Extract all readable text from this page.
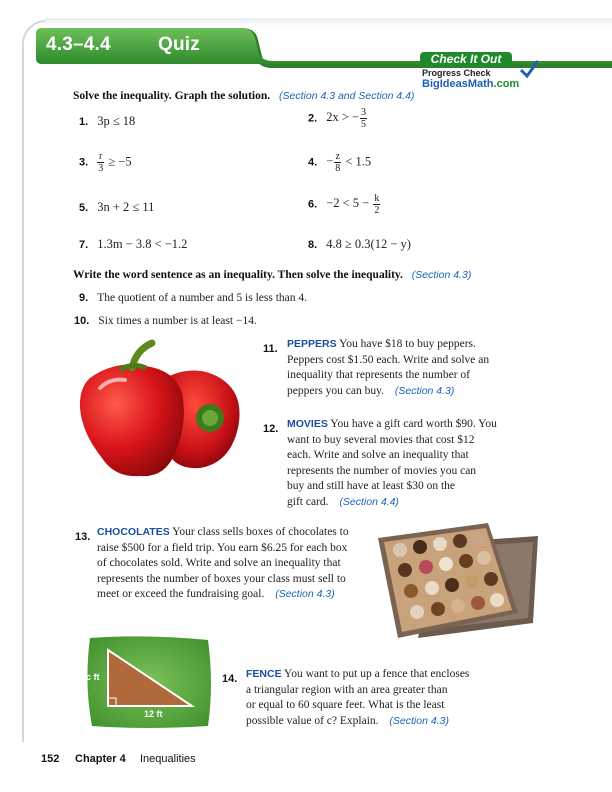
4.3–4.4 Quiz
Check It Out
Progress Check
BigIdeasMath.com
Solve the inequality. Graph the solution. (Section 4.3 and Section 4.4)
1. 3p ≤ 18	2. 2x > − $\frac{3}{5}$
3. $\frac{r}{3} \ge -5$	4. − $\frac{z}{8} < 1.5$
5. 3n + 2 ≤ 11	6. $-2 < 5 - \frac{k}{2}$
7. 1.3m − 3.8 < −1.2	8. 4.8 ≥ 0.3(12 − y)
Write the word sentence as an inequality. Then solve the inequality. (Section 4.3)
9. The quotient of a number and 5 is less than 4.
10. Six times a number is at least −14.
11. PEPPERS You have $18 to buy peppers.
Peppers cost $1.50 each. Write and solve an
inequality that represents the number of
peppers you can buy. (Section 4.3)
12. MOVIES You have a gift card worth $90. You
want to buy several movies that cost $12
each. Write and solve an inequality that
represents the number of movies you can
buy and still have at least $30 on the
gift card. (Section 4.4)
13. CHOCOLATES Your class sells boxes of chocolates to
raise $500 for a field trip. You earn $6.25 for each box
of chocolates sold. Write and solve an inequality that
represents the number of boxes your class must sell to
meet or exceed the fundraising goal. (Section 4.3)
c ft
12 ft
14. FENCE You want to put up a fence that encloses
a triangular region with an area greater than
or equal to 60 square feet. What is the least
possible value of c? Explain. (Section 4.3)
152 Chapter 4 Inequalities
